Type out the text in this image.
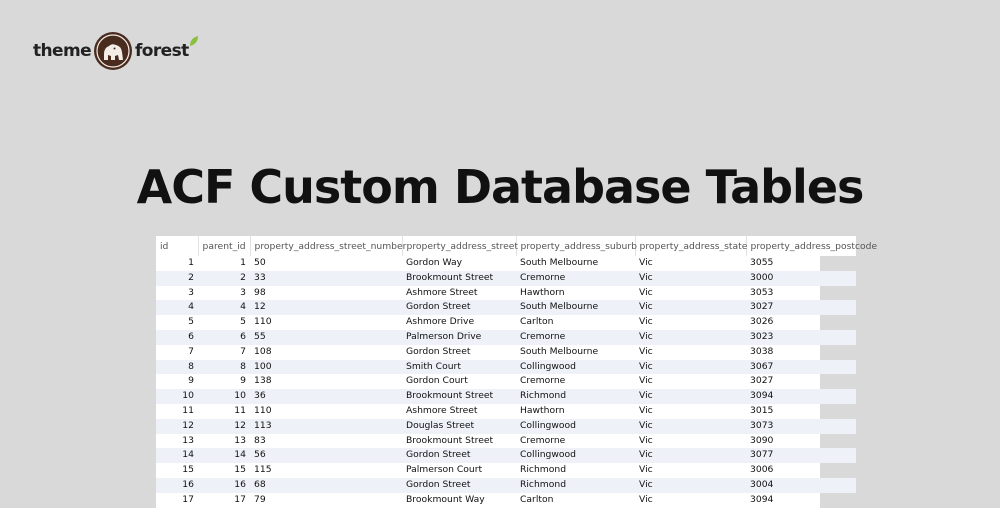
theme	forest
ACF Custom Database Tables
id	parent_id	property_address_street_number	property_address_street	property_address_suburb	property_address_state	property_address_postcode
1	1	50	Gordon Way	South Melbourne	Vic	3055
2	2	33	Brookmount Street	Cremorne	Vic	3000
3	3	98	Ashmore Street	Hawthorn	Vic	3053
4	4	12	Gordon Street	South Melbourne	Vic	3027
5	5	110	Ashmore Drive	Carlton	Vic	3026
6	6	55	Palmerson Drive	Cremorne	Vic	3023
7	7	108	Gordon Street	South Melbourne	Vic	3038
8	8	100	Smith Court	Collingwood	Vic	3067
9	9	138	Gordon Court	Cremorne	Vic	3027
10	10	36	Brookmount Street	Richmond	Vic	3094
11	11	110	Ashmore Street	Hawthorn	Vic	3015
12	12	113	Douglas Street	Collingwood	Vic	3073
13	13	83	Brookmount Street	Cremorne	Vic	3090
14	14	56	Gordon Street	Collingwood	Vic	3077
15	15	115	Palmerson Court	Richmond	Vic	3006
16	16	68	Gordon Street	Richmond	Vic	3004
17	17	79	Brookmount Way	Carlton	Vic	3094
